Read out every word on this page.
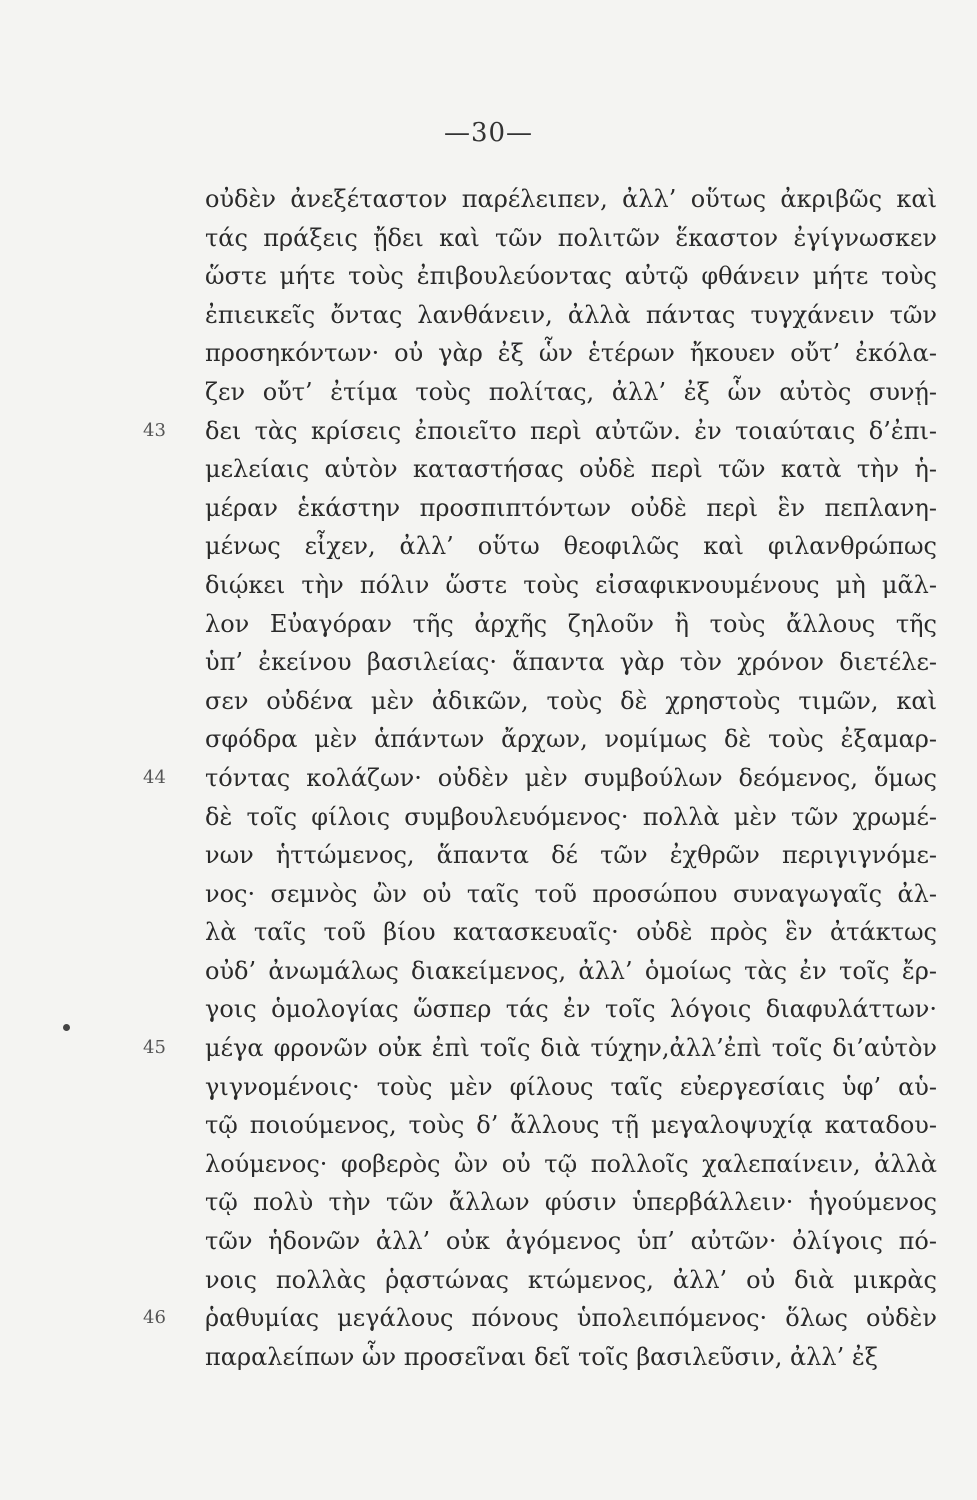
—30—
οὐδὲν ἀνεξέταστον παρέλειπεν, ἀλλ’ οὕτως ἀκριβῶς καὶ
τάς πράξεις ᾔδει καὶ τῶν πολιτῶν ἕκαστον ἐγίγνωσκεν
ὥστε μήτε τοὺς ἐπιβουλεύοντας αὐτῷ φθάνειν μήτε τοὺς
ἐπιεικεῖς ὄντας λανθάνειν, ἀλλὰ πάντας τυγχάνειν τῶν
προσηκόντων· οὐ γὰρ ἐξ ὧν ἑτέρων ἤκουεν οὔτ’ ἐκόλα-
ζεν οὔτ’ ἐτίμα τοὺς πολίτας, ἀλλ’ ἐξ ὧν αὐτὸς συνῄ-
43	δει τὰς κρίσεις ἐποιεῖτο περὶ αὐτῶν. ἐν τοιαύταις δ’ἐπι-
μελείαις αὑτὸν καταστήσας οὐδὲ περὶ τῶν κατὰ τὴν ἡ-
μέραν ἑκάστην προσπιπτόντων οὐδὲ περὶ ἓν πεπλανη-
μένως εἶχεν, ἀλλ’ οὕτω θεοφιλῶς καὶ φιλανθρώπως
διῴκει τὴν πόλιν ὥστε τοὺς εἰσαφικνουμένους μὴ μᾶλ-
λον Εὐαγόραν τῆς ἀρχῆς ζηλοῦν ἢ τοὺς ἄλλους τῆς
ὑπ’ ἐκείνου βασιλείας· ἅπαντα γὰρ τὸν χρόνον διετέλε-
σεν οὐδένα μὲν ἀδικῶν, τοὺς δὲ χρηστοὺς τιμῶν, καὶ
σφόδρα μὲν ἁπάντων ἄρχων, νομίμως δὲ τοὺς ἐξαμαρ-
44	τόντας κολάζων· οὐδὲν μὲν συμβούλων δεόμενος, ὅμως
δὲ τοῖς φίλοις συμβουλευόμενος· πολλὰ μὲν τῶν χρωμέ-
νων ἡττώμενος, ἅπαντα δέ τῶν ἐχθρῶν περιγιγνόμε-
νος· σεμνὸς ὢν οὐ ταῖς τοῦ προσώπου συναγωγαῖς ἀλ-
λὰ ταῖς τοῦ βίου κατασκευαῖς· οὐδὲ πρὸς ἓν ἀτάκτως
οὐδ’ ἀνωμάλως διακείμενος, ἀλλ’ ὁμοίως τὰς ἐν τοῖς ἔρ-
γοις ὁμολογίας ὥσπερ τάς ἐν τοῖς λόγοις διαφυλάττων·
45	μέγα φρονῶν οὐκ ἐπὶ τοῖς διὰ τύχην,ἀλλ’ἐπὶ τοῖς δι’αὑτὸν
γιγνομένοις· τοὺς μὲν φίλους ταῖς εὐεργεσίαις ὑφ’ αὑ-
τῷ ποιούμενος, τοὺς δ’ ἄλλους τῇ μεγαλοψυχίᾳ καταδου-
λούμενος· φοβερὸς ὢν οὐ τῷ πολλοῖς χαλεπαίνειν, ἀλλὰ
τῷ πολὺ τὴν τῶν ἄλλων φύσιν ὑπερβάλλειν· ἡγούμενος
τῶν ἡδονῶν ἀλλ’ οὐκ ἀγόμενος ὑπ’ αὐτῶν· ὀλίγοις πό-
νοις πολλὰς ῥᾳστώνας κτώμενος, ἀλλ’ οὐ διὰ μικρὰς
46	ῥαθυμίας μεγάλους πόνους ὑπολειπόμενος· ὅλως οὐδὲν
παραλείπων ὧν προσεῖναι δεῖ τοῖς βασιλεῦσιν, ἀλλ’ ἐξ
